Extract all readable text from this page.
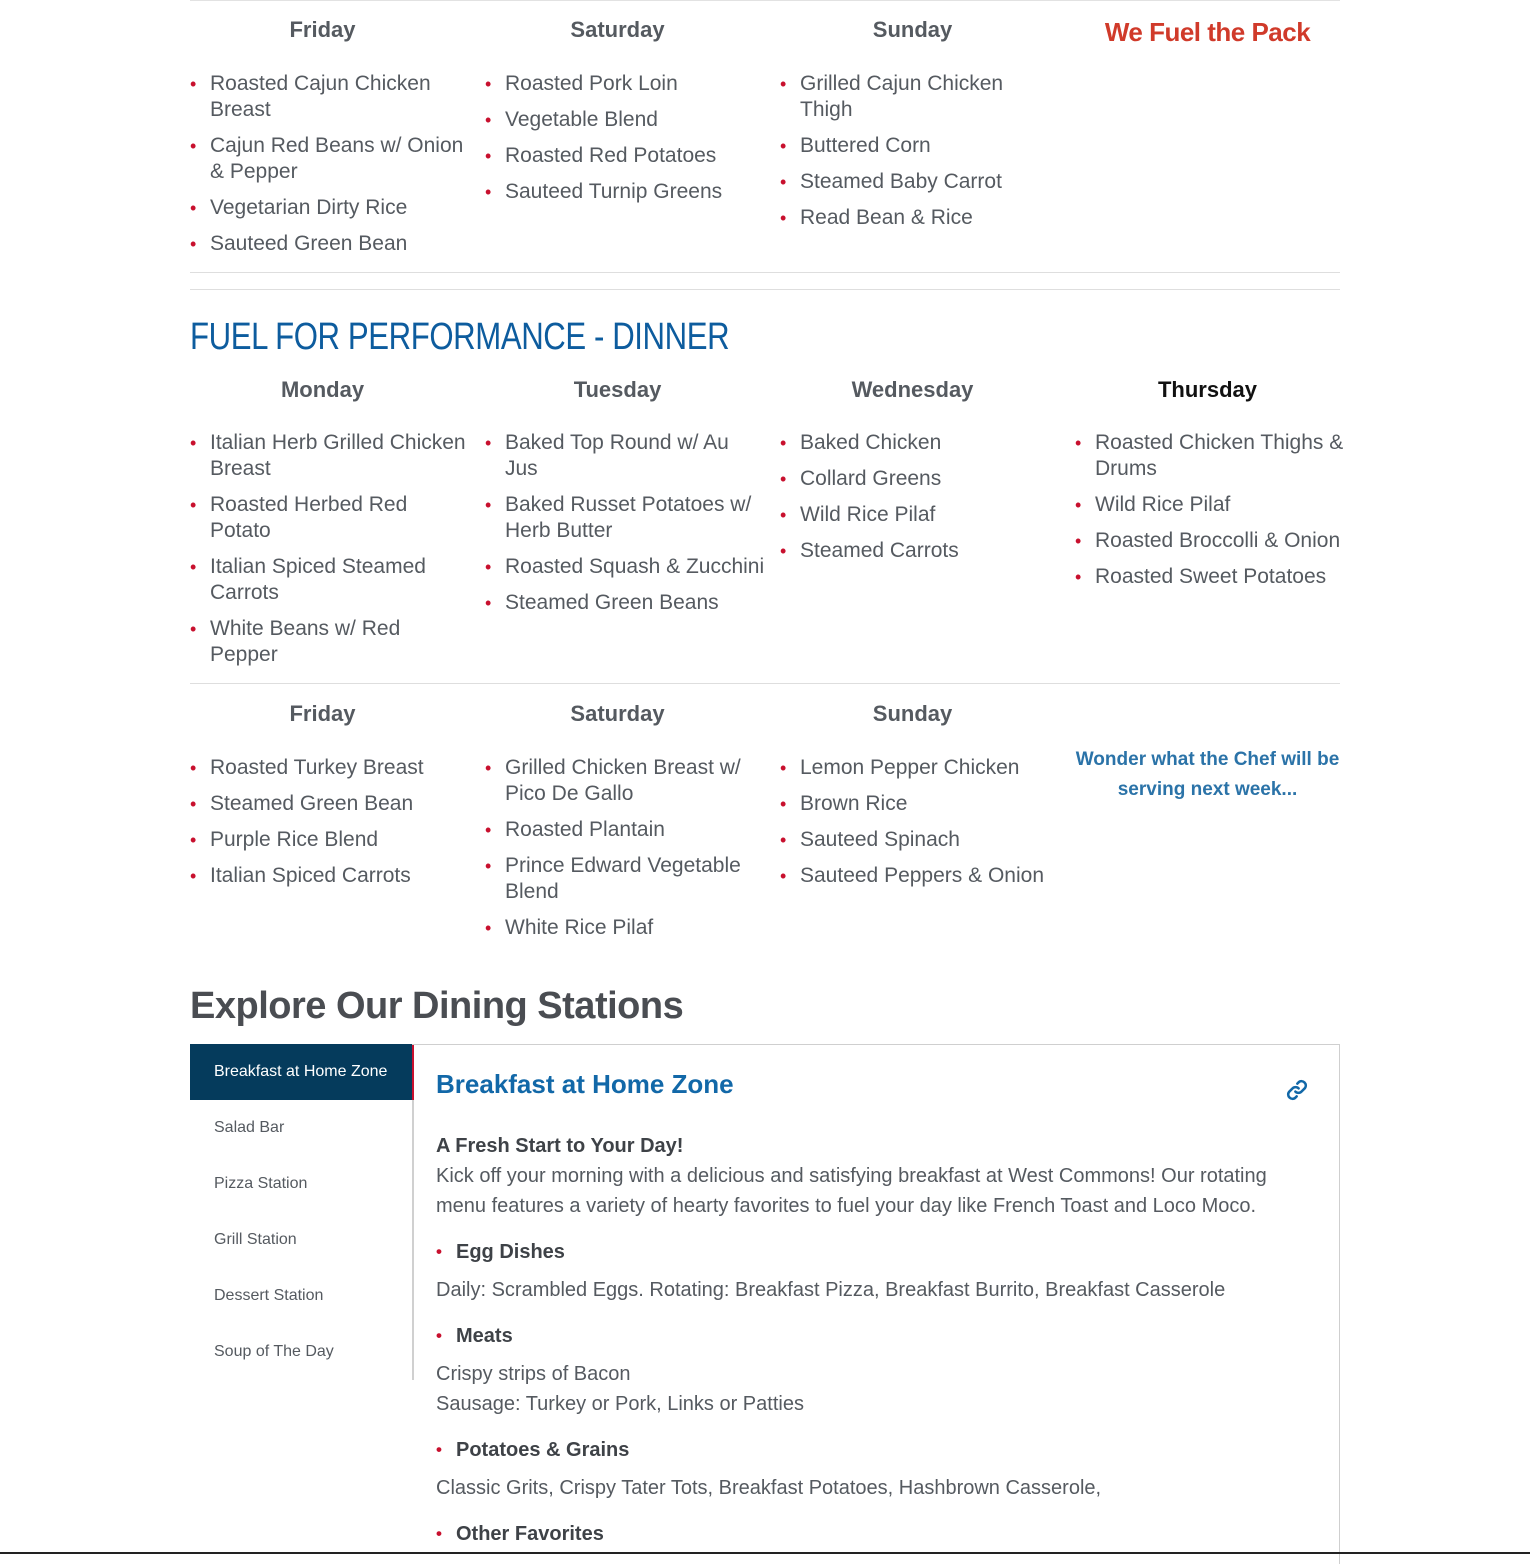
Friday
• Roasted Cajun Chicken Breast
• Cajun Red Beans w/ Onion & Pepper
• Vegetarian Dirty Rice
• Sauteed Green Bean
Saturday
• Roasted Pork Loin
• Vegetable Blend
• Roasted Red Potatoes
• Sauteed Turnip Greens
Sunday
• Grilled Cajun Chicken Thigh
• Buttered Corn
• Steamed Baby Carrot
• Read Bean & Rice
We Fuel the Pack
FUEL FOR PERFORMANCE - DINNER
Monday
• Italian Herb Grilled Chicken Breast
• Roasted Herbed Red Potato
• Italian Spiced Steamed Carrots
• White Beans w/ Red Pepper
Tuesday
• Baked Top Round w/ Au Jus
• Baked Russet Potatoes w/ Herb Butter
• Roasted Squash & Zucchini
• Steamed Green Beans
Wednesday
• Baked Chicken
• Collard Greens
• Wild Rice Pilaf
• Steamed Carrots
Thursday
• Roasted Chicken Thighs & Drums
• Wild Rice Pilaf
• Roasted Broccolli & Onion
• Roasted Sweet Potatoes
Friday
• Roasted Turkey Breast
• Steamed Green Bean
• Purple Rice Blend
• Italian Spiced Carrots
Saturday
• Grilled Chicken Breast w/ Pico De Gallo
• Roasted Plantain
• Prince Edward Vegetable Blend
• White Rice Pilaf
Sunday
• Lemon Pepper Chicken
• Brown Rice
• Sauteed Spinach
• Sauteed Peppers & Onion
Wonder what the Chef will be serving next week...
Explore Our Dining Stations
Breakfast at Home Zone
Salad Bar
Pizza Station
Grill Station
Dessert Station
Soup of The Day
Breakfast at Home Zone

A Fresh Start to Your Day!

Kick off your morning with a delicious and satisfying breakfast at West Commons! Our rotating menu features a variety of hearty favorites to fuel your day like French Toast and Loco Moco.

• Egg Dishes
Daily: Scrambled Eggs. Rotating: Breakfast Pizza, Breakfast Burrito, Breakfast Casserole
• Meats
Crispy strips of Bacon
Sausage: Turkey or Pork, Links or Patties
• Potatoes & Grains
Classic Grits, Crispy Tater Tots, Breakfast Potatoes, Hashbrown Casserole,
• Other Favorites
